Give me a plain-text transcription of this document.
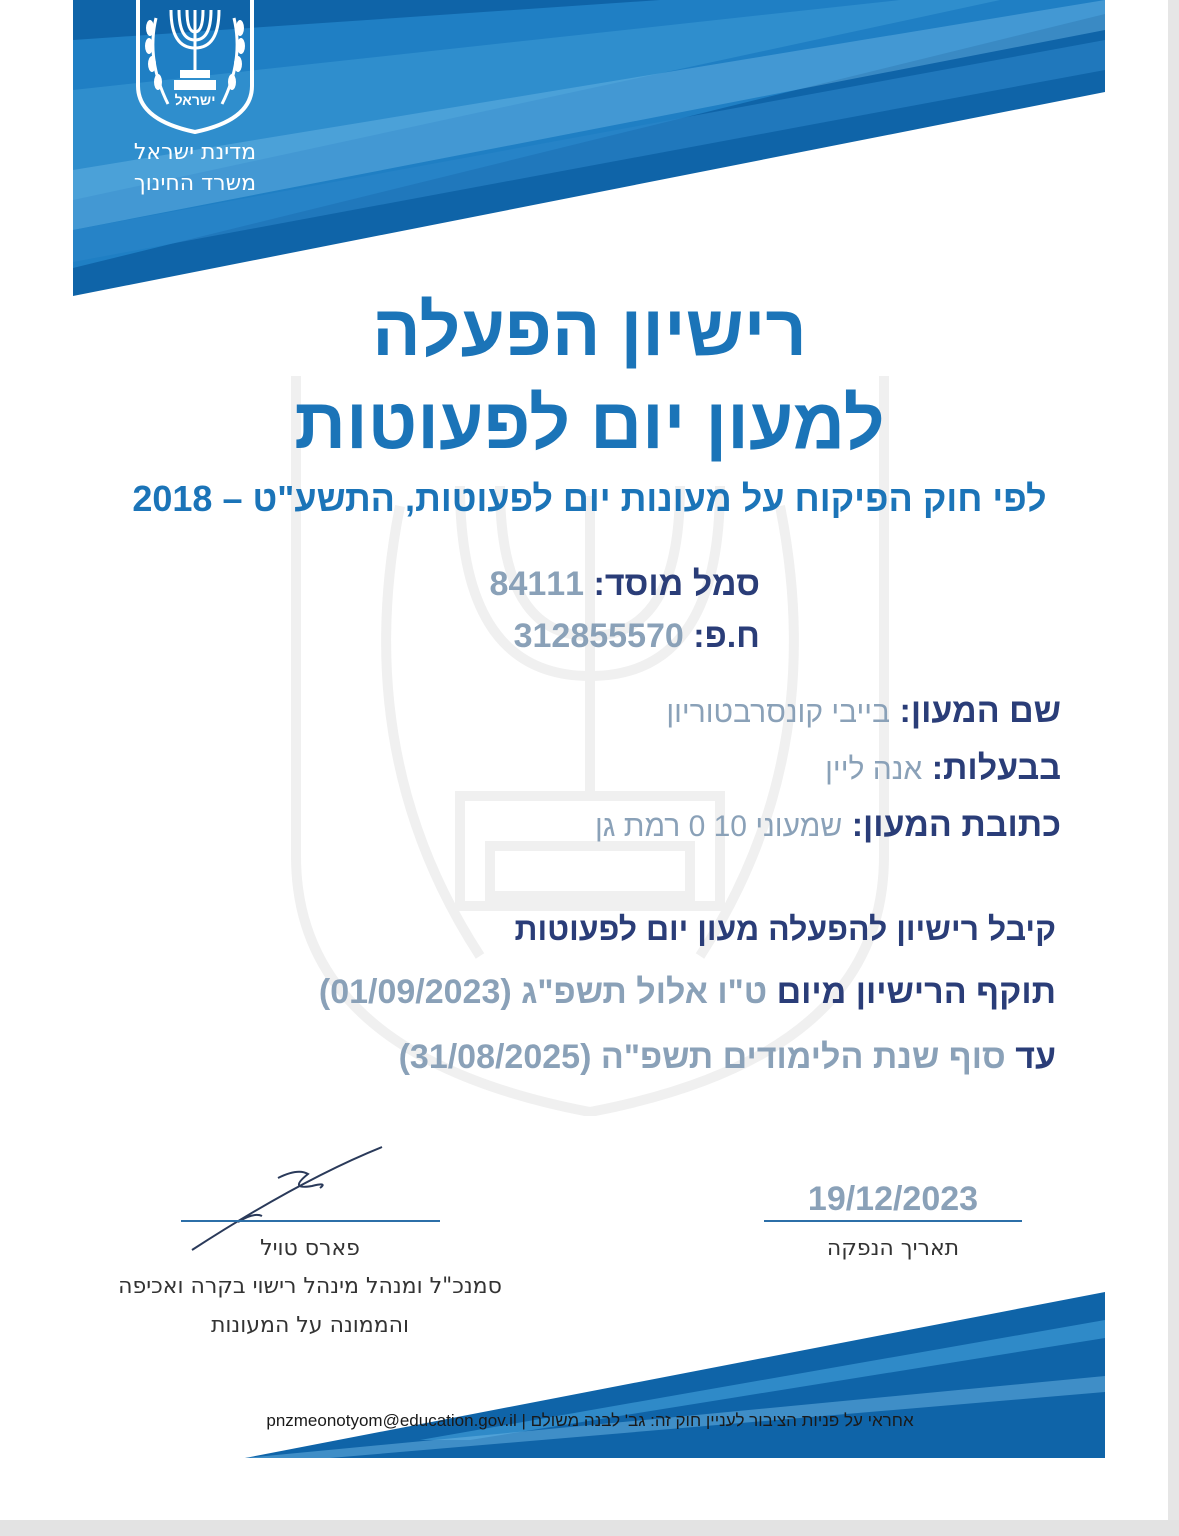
ישראל
מדינת ישראל
משרד החינוך
רישיון הפעלה
למעון יום לפעוטות
לפי חוק הפיקוח על מעונות יום לפעוטות, התשע"ט – 2018
סמל מוסד: 84111
ח.פ: 312855570
שם המעון: בייבי קונסרבטוריון
בבעלות: אנה ליין
כתובת המעון: שמעוני 10 0 רמת גן
קיבל רישיון להפעלה מעון יום לפעוטות
תוקף הרישיון מיום ט"ו אלול תשפ"ג (01/09/2023)
עד סוף שנת הלימודים תשפ"ה (31/08/2025)
פארס טויל
סמנכ"ל ומנהל מינהל רישוי בקרה ואכיפה
והממונה על המעונות
19/12/2023
תאריך הנפקה
אחראי על פניות הציבור לעניין חוק זה: גב' לבנה משולם | pnzmeonotyom@education.gov.il
